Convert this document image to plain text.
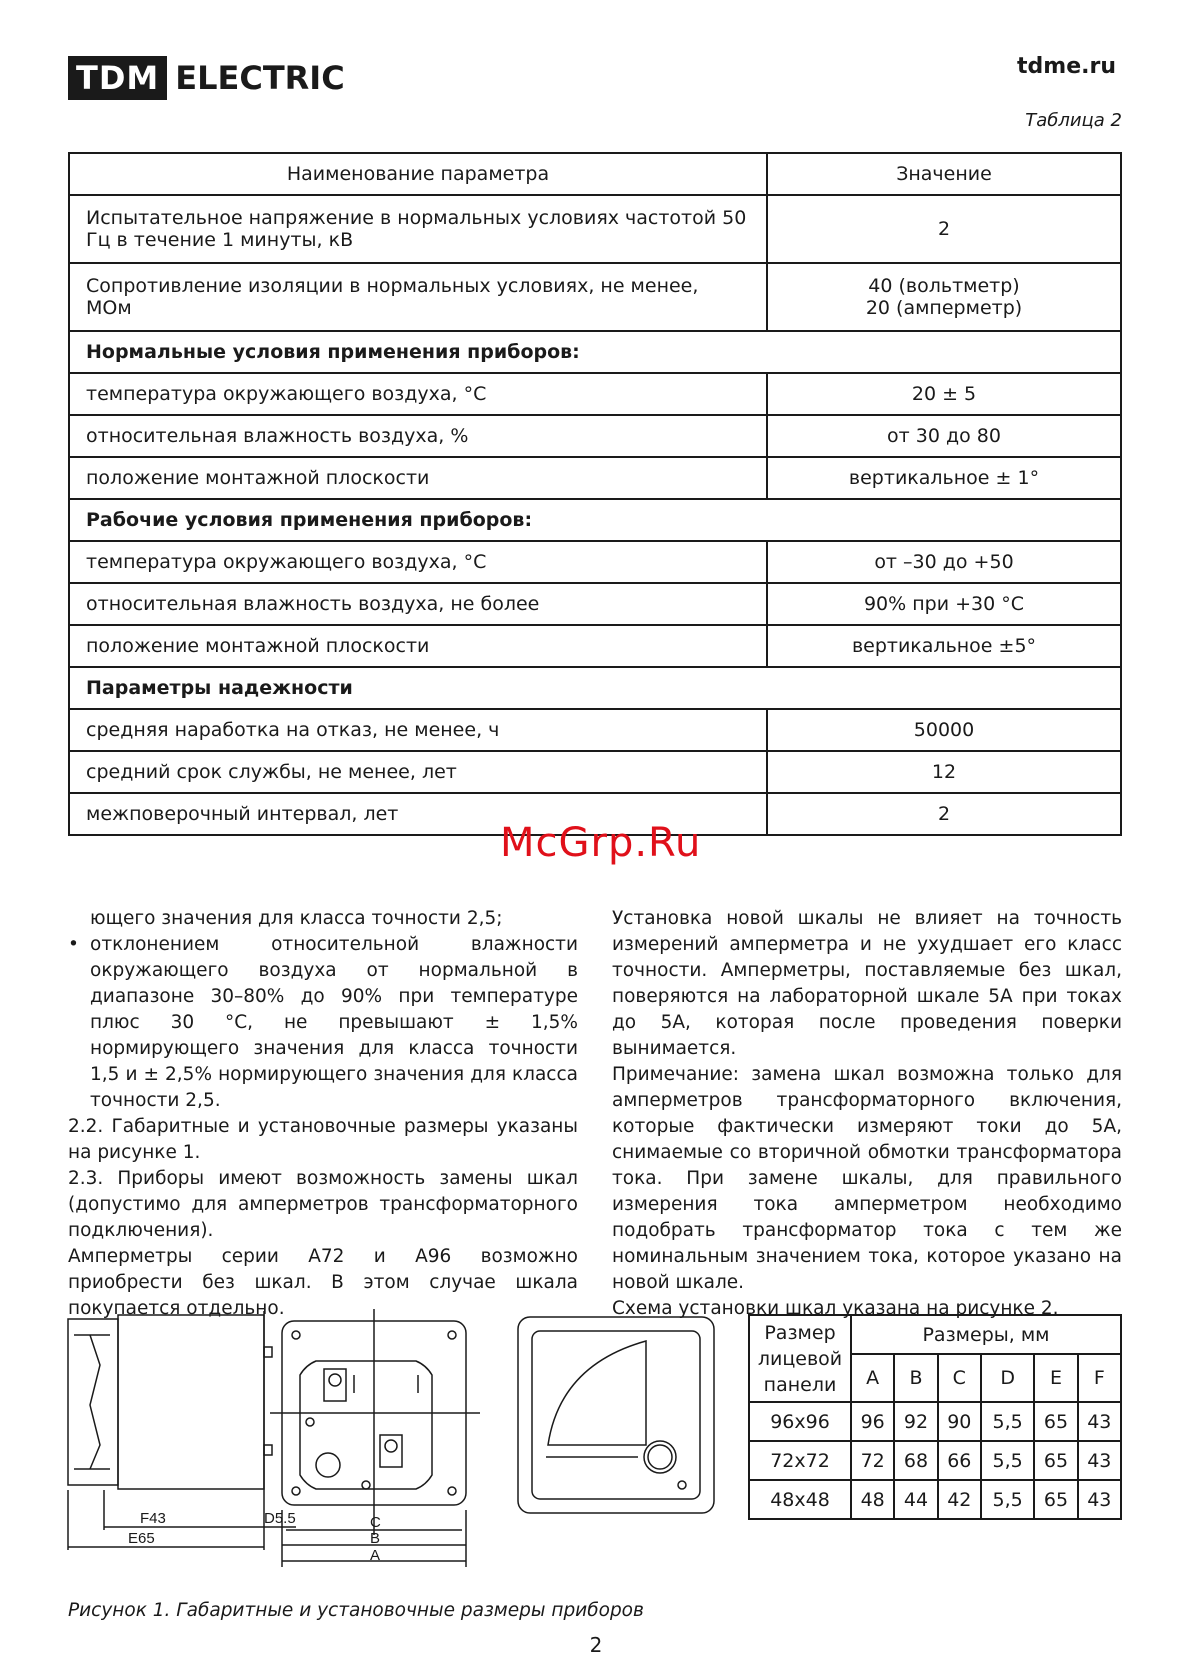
TDM ELECTRIC	tdme.ru
Таблица 2
Наименование параметра	Значение
Испытательное напряжение в нормальных условиях частотой 50 Гц в течение 1 минуты, кВ	2
Сопротивление изоляции в нормальных условиях, не менее, МОм	40 (вольтметр)
20 (амперметр)

Нормальные условия применения приборов:	
температура окружающего воздуха, °С	20 ± 5
относительная влажность воздуха, %	от 30 до 80
положение монтажной плоскости	вертикальное ± 1°
Рабочие условия применения приборов:	
температура окружающего воздуха, °С	от –30 до +50
относительная влажность воздуха, не более	90% при +30 °С
положение монтажной плоскости	вертикальное ±5°
Параметры надежности	
средняя наработка на отказ, не менее, ч	50000
средний срок службы, не менее, лет	12
межповерочный интервал, лет	2
McGrp.Ru

ющего значения для класса точности 2,5;

• отклонением относительной влажности окружающего воздуха от нормальной в диапазоне 30–80% до 90% при температуре плюс 30 °С, не превышают ± 1,5% нормирующего значения для класса точности 1,5 и ± 2,5% нормирующего значения для класса точности 2,5.

2.2. Габаритные и установочные размеры указаны на рисунке 1.

2.3. Приборы имеют возможность замены шкал (допустимо для амперметров трансформаторного подключения).

Амперметры серии А72 и А96 возможно приобрести без шкал. В этом случае шкала покупается отдельно.

Установка новой шкалы не влияет на точность измерений амперметра и не ухудшает его класс точности. Амперметры, поставляемые без шкал, поверяются на лабораторной шкале 5А при токах до 5А, которая после проведения поверки вынимается.

Примечание: замена шкал возможна только для амперметров трансформаторного включения, которые фактически измеряют токи до 5А, снимаемые со вторичной обмотки трансформатора тока. При замене шкалы, для правильного измерения тока амперметром необходимо подобрать трансформатор тока с тем же номинальным значением тока, которое указано на новой шкале.

Схема установки шкал указана на рисунке 2.

F43	D5.5
E65
C
B
A
Размер лицевой панели	Размеры, мм					
	A	B	C	D	E	F
96x96	96	92	90	5,5	65	43
72x72	72	68	66	5,5	65	43
48x48	48	44	42	5,5	65	43
Рисунок 1. Габаритные и установочные размеры приборов
2
